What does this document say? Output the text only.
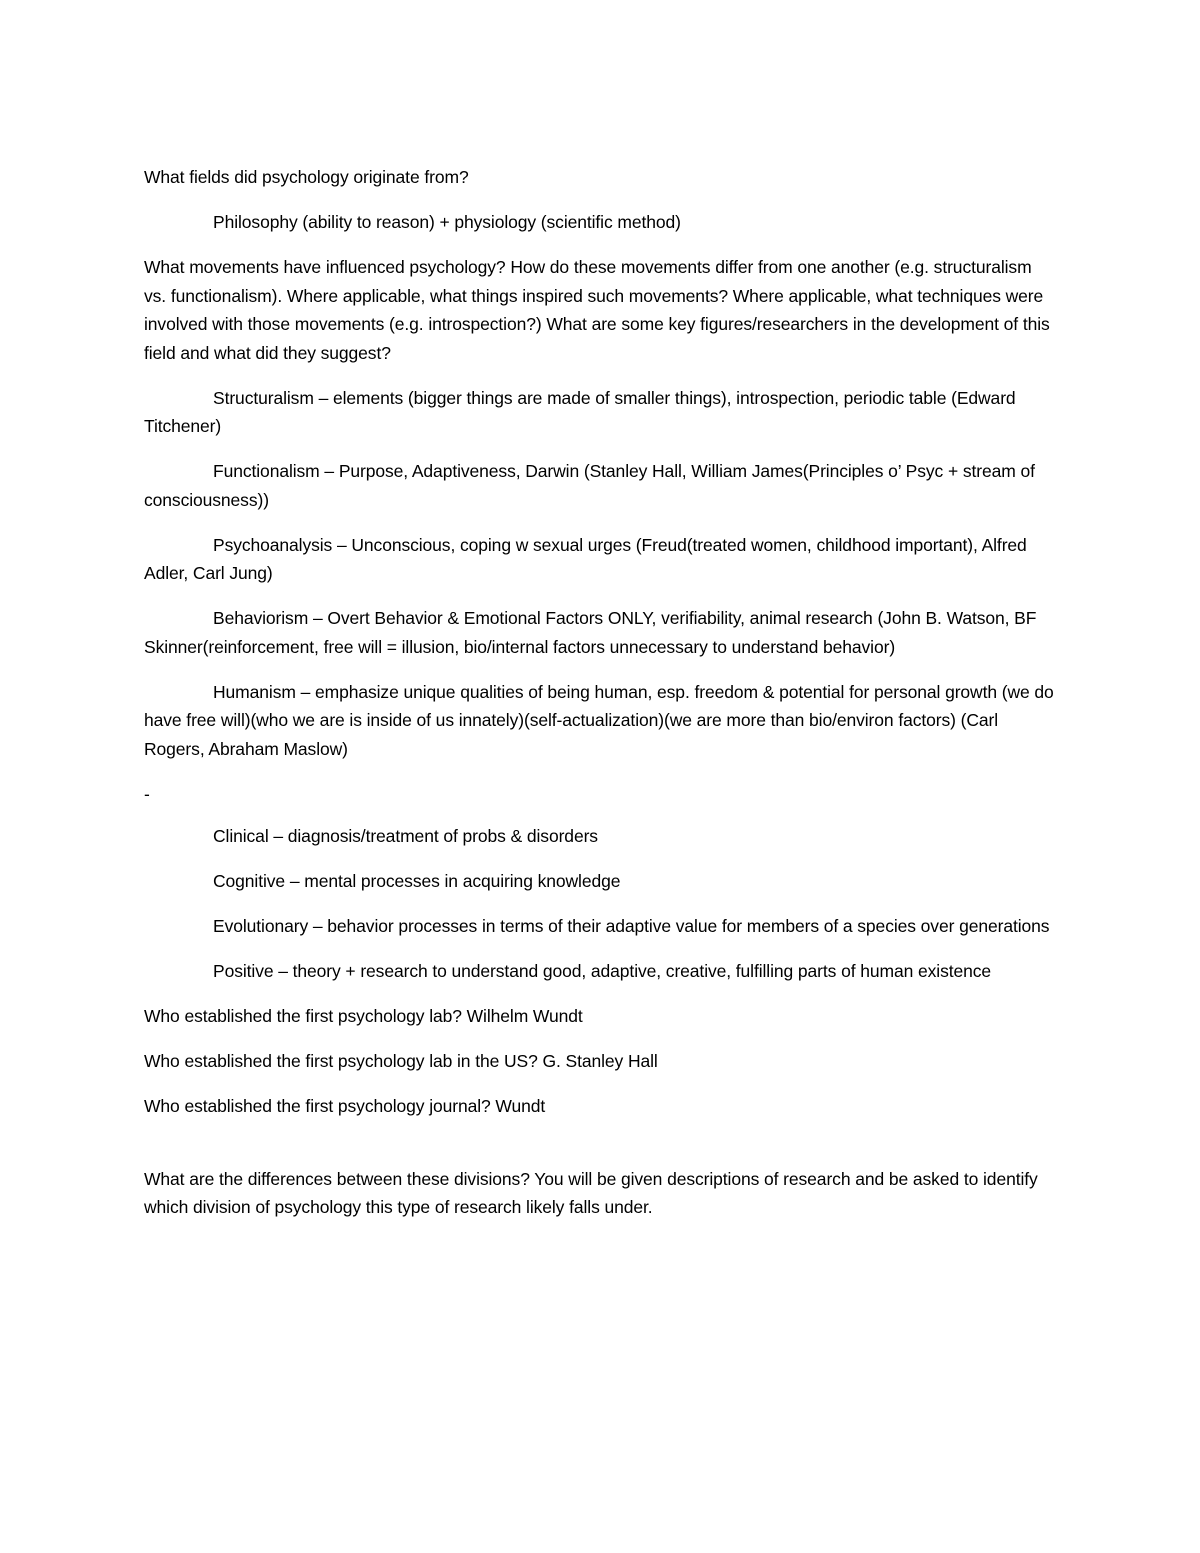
What fields did psychology originate from?

Philosophy (ability to reason) + physiology (scientific method)

What movements have influenced psychology? How do these movements differ from one another (e.g. structuralism vs. functionalism). Where applicable, what things inspired such movements? Where applicable, what techniques were involved with those movements (e.g. introspection?) What are some key figures/researchers in the development of this field and what did they suggest?

Structuralism – elements (bigger things are made of smaller things), introspection, periodic table (Edward Titchener)

Functionalism – Purpose, Adaptiveness, Darwin (Stanley Hall, William James(Principles o’ Psyc + stream of consciousness))

Psychoanalysis – Unconscious, coping w sexual urges (Freud(treated women, childhood important), Alfred Adler, Carl Jung)

Behaviorism – Overt Behavior & Emotional Factors ONLY, verifiability, animal research (John B. Watson, BF Skinner(reinforcement, free will = illusion, bio/internal factors unnecessary to understand behavior)

Humanism – emphasize unique qualities of being human, esp. freedom & potential for personal growth (we do have free will)(who we are is inside of us innately)(self-actualization)(we are more than bio/environ factors) (Carl Rogers, Abraham Maslow)

-

Clinical – diagnosis/treatment of probs & disorders

Cognitive – mental processes in acquiring knowledge

Evolutionary – behavior processes in terms of their adaptive value for members of a species over generations

Positive – theory + research to understand good, adaptive, creative, fulfilling parts of human existence

Who established the first psychology lab? Wilhelm Wundt

Who established the first psychology lab in the US? G. Stanley Hall

Who established the first psychology journal? Wundt

What are the differences between these divisions? You will be given descriptions of research and be asked to identify which division of psychology this type of research likely falls under.
